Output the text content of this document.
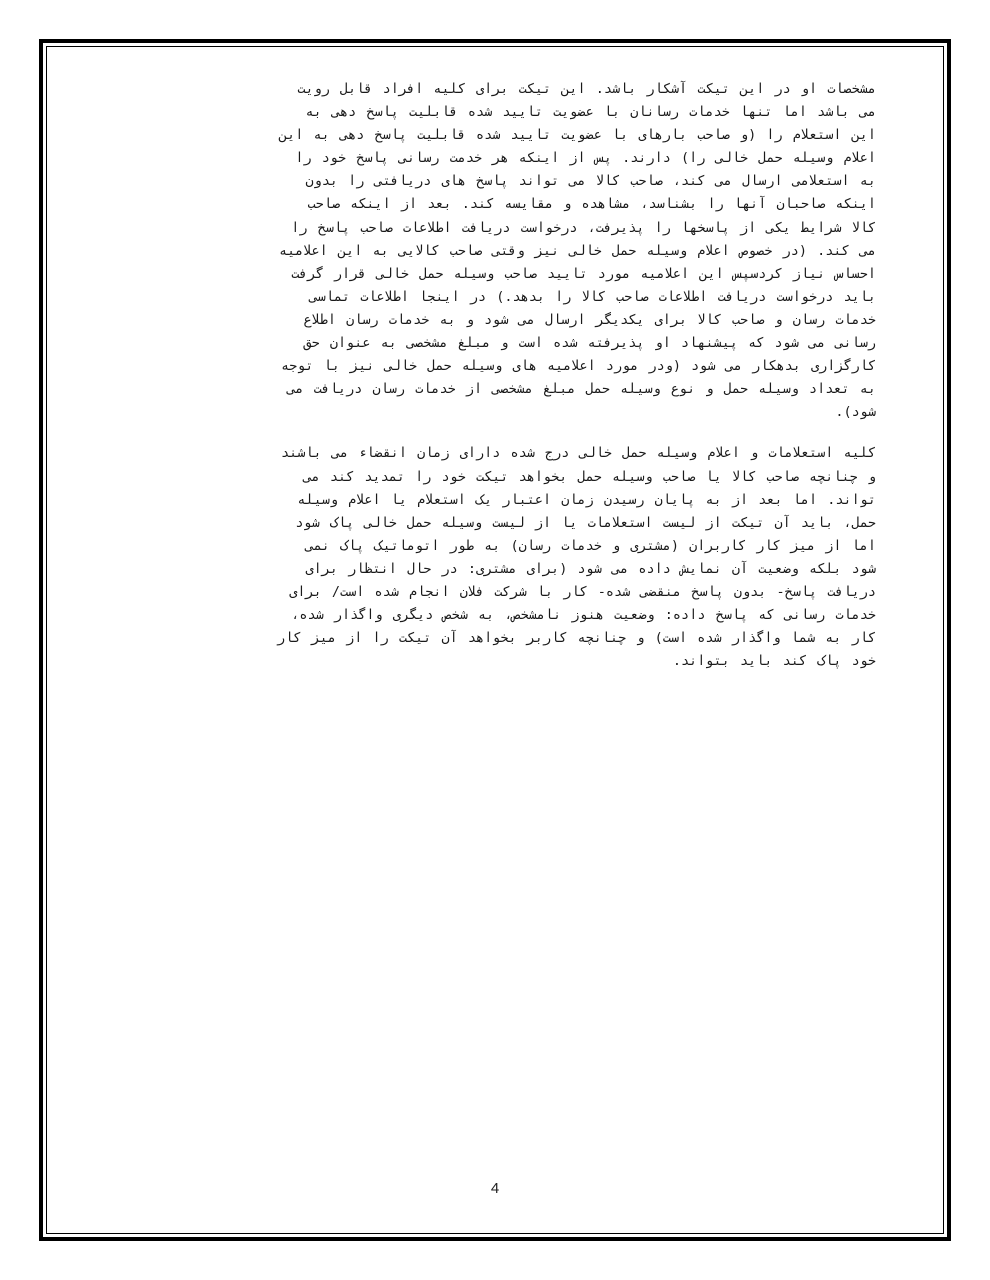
مشخصات او در این تیکت آشکار باشد. این تیکت برای کلیه افراد قابل رویت
می باشد اما تنها خدمات رسانان با عضویت تایید شده قابلیت پاسخ دهی به
این استعلام را (و صاحب بارهای با عضویت تایید شده قابلیت پاسخ دهی به این
اعلام وسیله حمل خالی را) دارند. پس از اینکه هر خدمت رسانی پاسخ خود را
به استعلامی ارسال می کند، صاحب کالا می تواند پاسخ های دریافتی را بدون
اینکه صاحبان آنها را بشناسد، مشاهده و مقایسه کند. بعد از اینکه صاحب
کالا شرایط یکی از پاسخها را پذیرفت، درخواست دریافت اطلاعات صاحب پاسخ را
می کند. (در خصوص اعلام وسیله حمل خالی نیز وقتی صاحب کالایی به این اعلامیه
احساس نیاز کردسپس این اعلامیه مورد تایید صاحب وسیله حمل خالی قرار گرفت
باید درخواست دریافت اطلاعات صاحب کالا را بدهد.) در اینجا اطلاعات تماسی
خدمات رسان و صاحب کالا برای یکدیگر ارسال می شود و به خدمات رسان اطلاع
رسانی می شود که پیشنهاد او پذیرفته شده است و مبلغ مشخصی به عنوان حق
کارگزاری بدهکار می شود (ودر مورد اعلامیه های وسیله حمل خالی نیز با توجه
به تعداد وسیله حمل و نوع وسیله حمل مبلغ مشخصی از خدمات رسان دریافت می
شود).
کلیه استعلامات و اعلام وسیله حمل خالی درج شده دارای زمان انقضاء می باشند
و چنانچه صاحب کالا یا صاحب وسیله حمل بخواهد تیکت خود را تمدید کند می
تواند. اما بعد از به پایان رسیدن زمان اعتبار یک استعلام یا اعلام وسیله
حمل، باید آن تیکت از لیست استعلامات یا از لیست وسیله حمل خالی پاک شود
اما از میز کار کاربران (مشتری و خدمات رسان) به طور اتوماتیک پاک نمی
شود بلکه وضعیت آن نمایش داده می شود (برای مشتری: در حال انتظار برای
دریافت پاسخ- بدون پاسخ منقضی شده- کار با شرکت فلان انجام شده است/ برای
خدمات رسانی که پاسخ داده: وضعیت هنوز نامشخص، به شخص دیگری واگذار شده،
کار به شما واگذار شده است) و چنانچه کاربر بخواهد آن تیکت را از میز کار
خود پاک کند باید بتواند.
4
